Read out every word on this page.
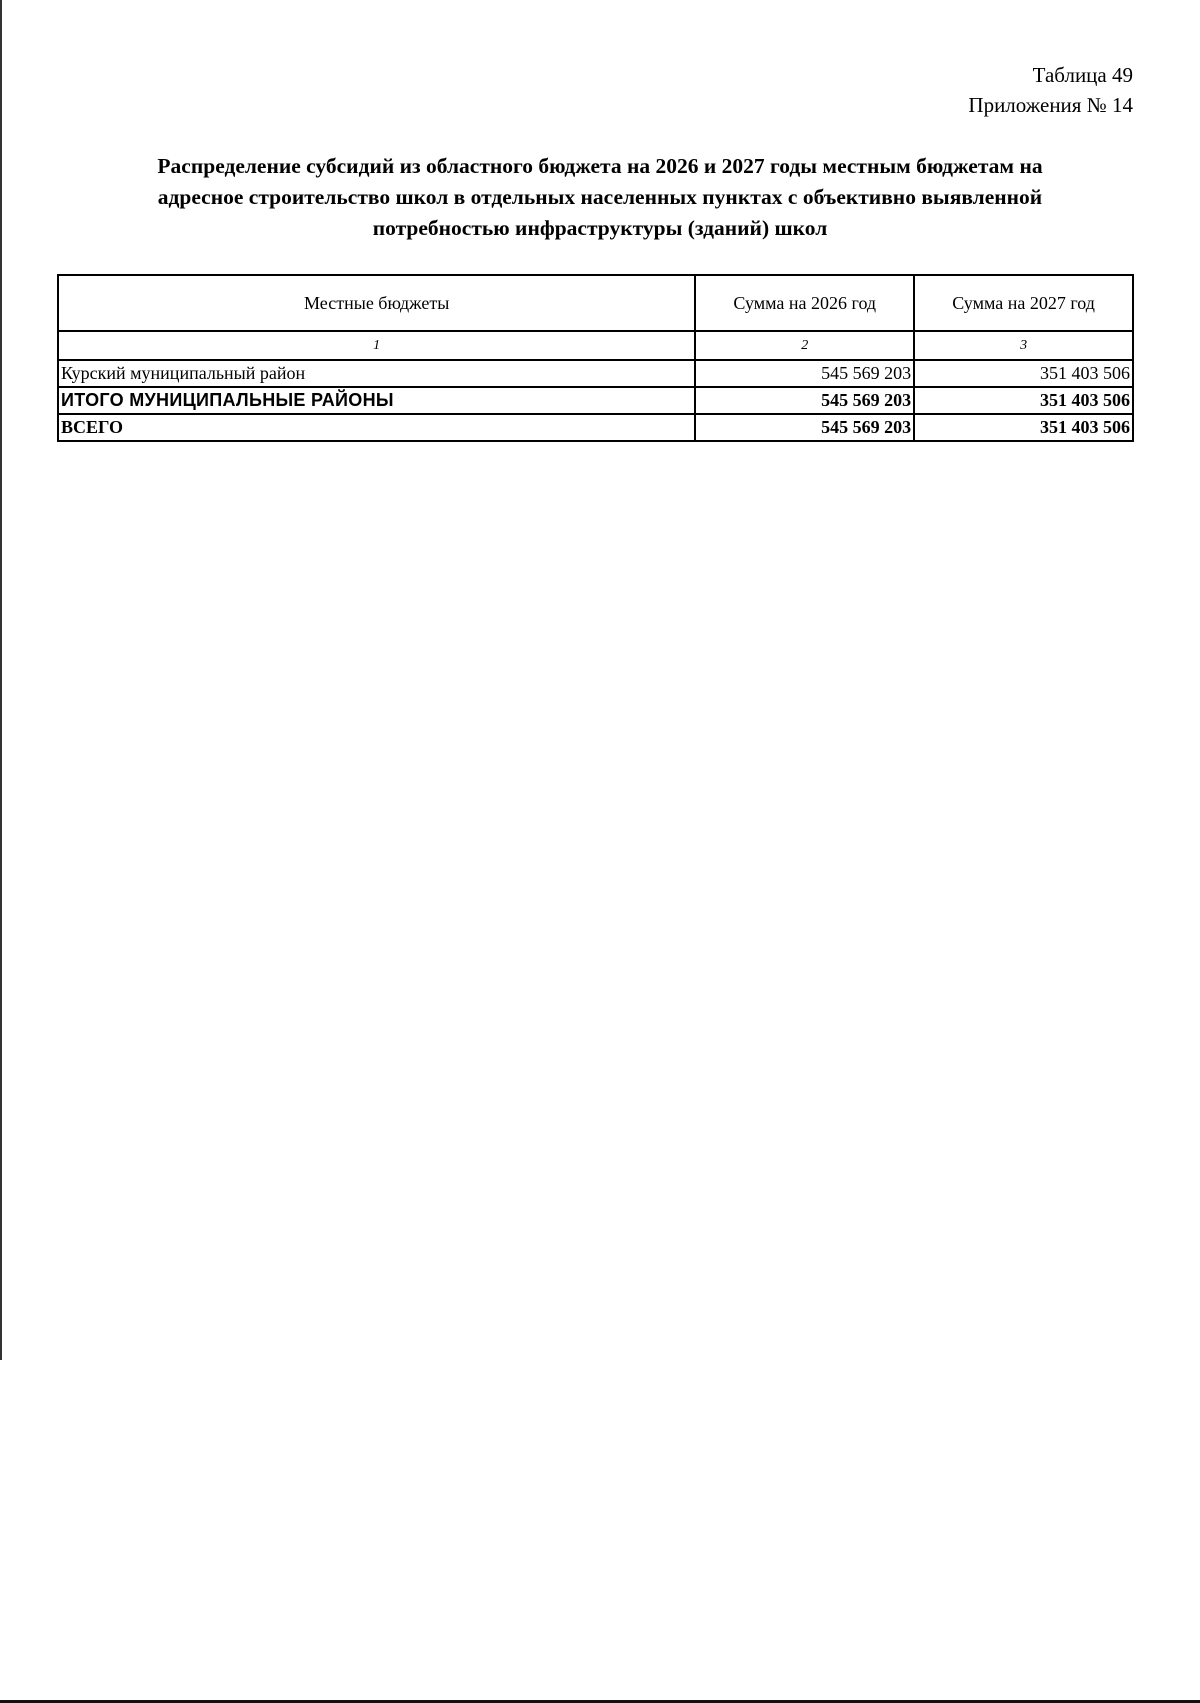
Таблица 49
Приложения № 14
Распределение субсидий из областного бюджета на 2026 и 2027 годы местным бюджетам на
адресное строительство школ в отдельных населенных пунктах с объективно выявленной
потребностью инфраструктуры (зданий) школ
Местные бюджеты	Сумма на 2026 год	Сумма на 2027 год
1	2	3
Курский муниципальный район	545 569 203	351 403 506
ИТОГО МУНИЦИПАЛЬНЫЕ РАЙОНЫ	545 569 203	351 403 506
ВСЕГО	545 569 203	351 403 506
